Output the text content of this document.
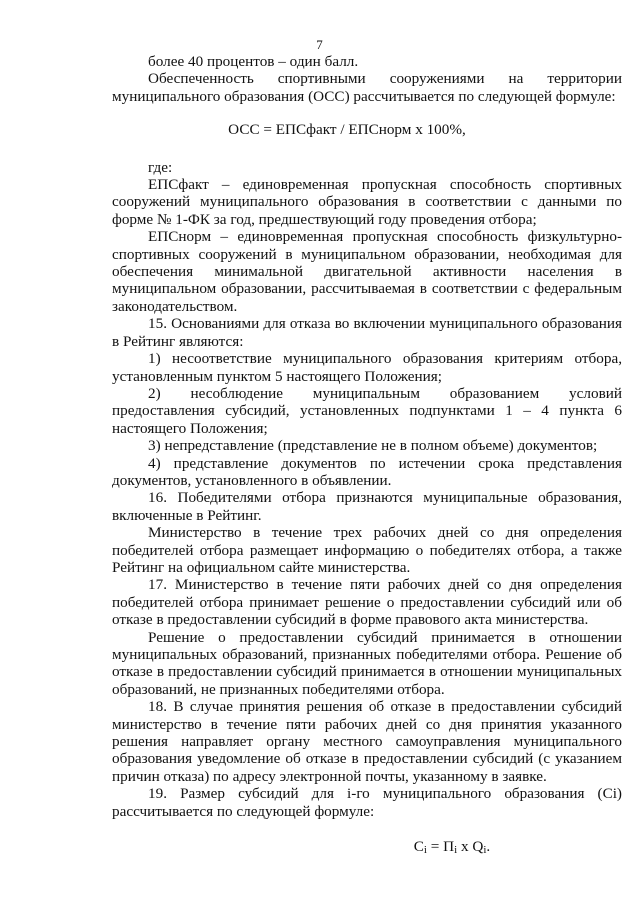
7

более 40 процентов – один балл.

Обеспеченность спортивными сооружениями на территории муниципального образования (ОСС) рассчитывается по следующей формуле:

ОСС = ЕПСфакт / ЕПСнорм х 100%,

где:

ЕПСфакт – единовременная пропускная способность спортивных сооружений муниципального образования в соответствии с данными по форме № 1-ФК за год, предшествующий году проведения отбора;

ЕПСнорм – единовременная пропускная способность физкультурно-спортивных сооружений в муниципальном образовании, необходимая для обеспечения минимальной двигательной активности населения в муниципальном образовании, рассчитываемая в соответствии с федеральным законодательством.

15. Основаниями для отказа во включении муниципального образования в Рейтинг являются:

1) несоответствие муниципального образования критериям отбора, установленным пунктом 5 настоящего Положения;

2) несоблюдение муниципальным образованием условий предоставления субсидий, установленных подпунктами 1 – 4 пункта 6 настоящего Положения;

3) непредставление (представление не в полном объеме) документов;

4) представление документов по истечении срока представления документов, установленного в объявлении.

16. Победителями отбора признаются муниципальные образования, включенные в Рейтинг.

Министерство в течение трех рабочих дней со дня определения победителей отбора размещает информацию о победителях отбора, а также Рейтинг на официальном сайте министерства.

17. Министерство в течение пяти рабочих дней со дня определения победителей отбора принимает решение о предоставлении субсидий или об отказе в предоставлении субсидий в форме правового акта министерства.

Решение о предоставлении субсидий принимается в отношении муниципальных образований, признанных победителями отбора. Решение об отказе в предоставлении субсидий принимается в отношении муниципальных образований, не признанных победителями отбора.

18. В случае принятия решения об отказе в предоставлении субсидий министерство в течение пяти рабочих дней со дня принятия указанного решения направляет органу местного самоуправления муниципального образования уведомление об отказе в предоставлении субсидий (с указанием причин отказа) по адресу электронной почты, указанному в заявке.

19. Размер субсидий для i-го муниципального образования (Ci) рассчитывается по следующей формуле:

Ci = Пi x Qi.
